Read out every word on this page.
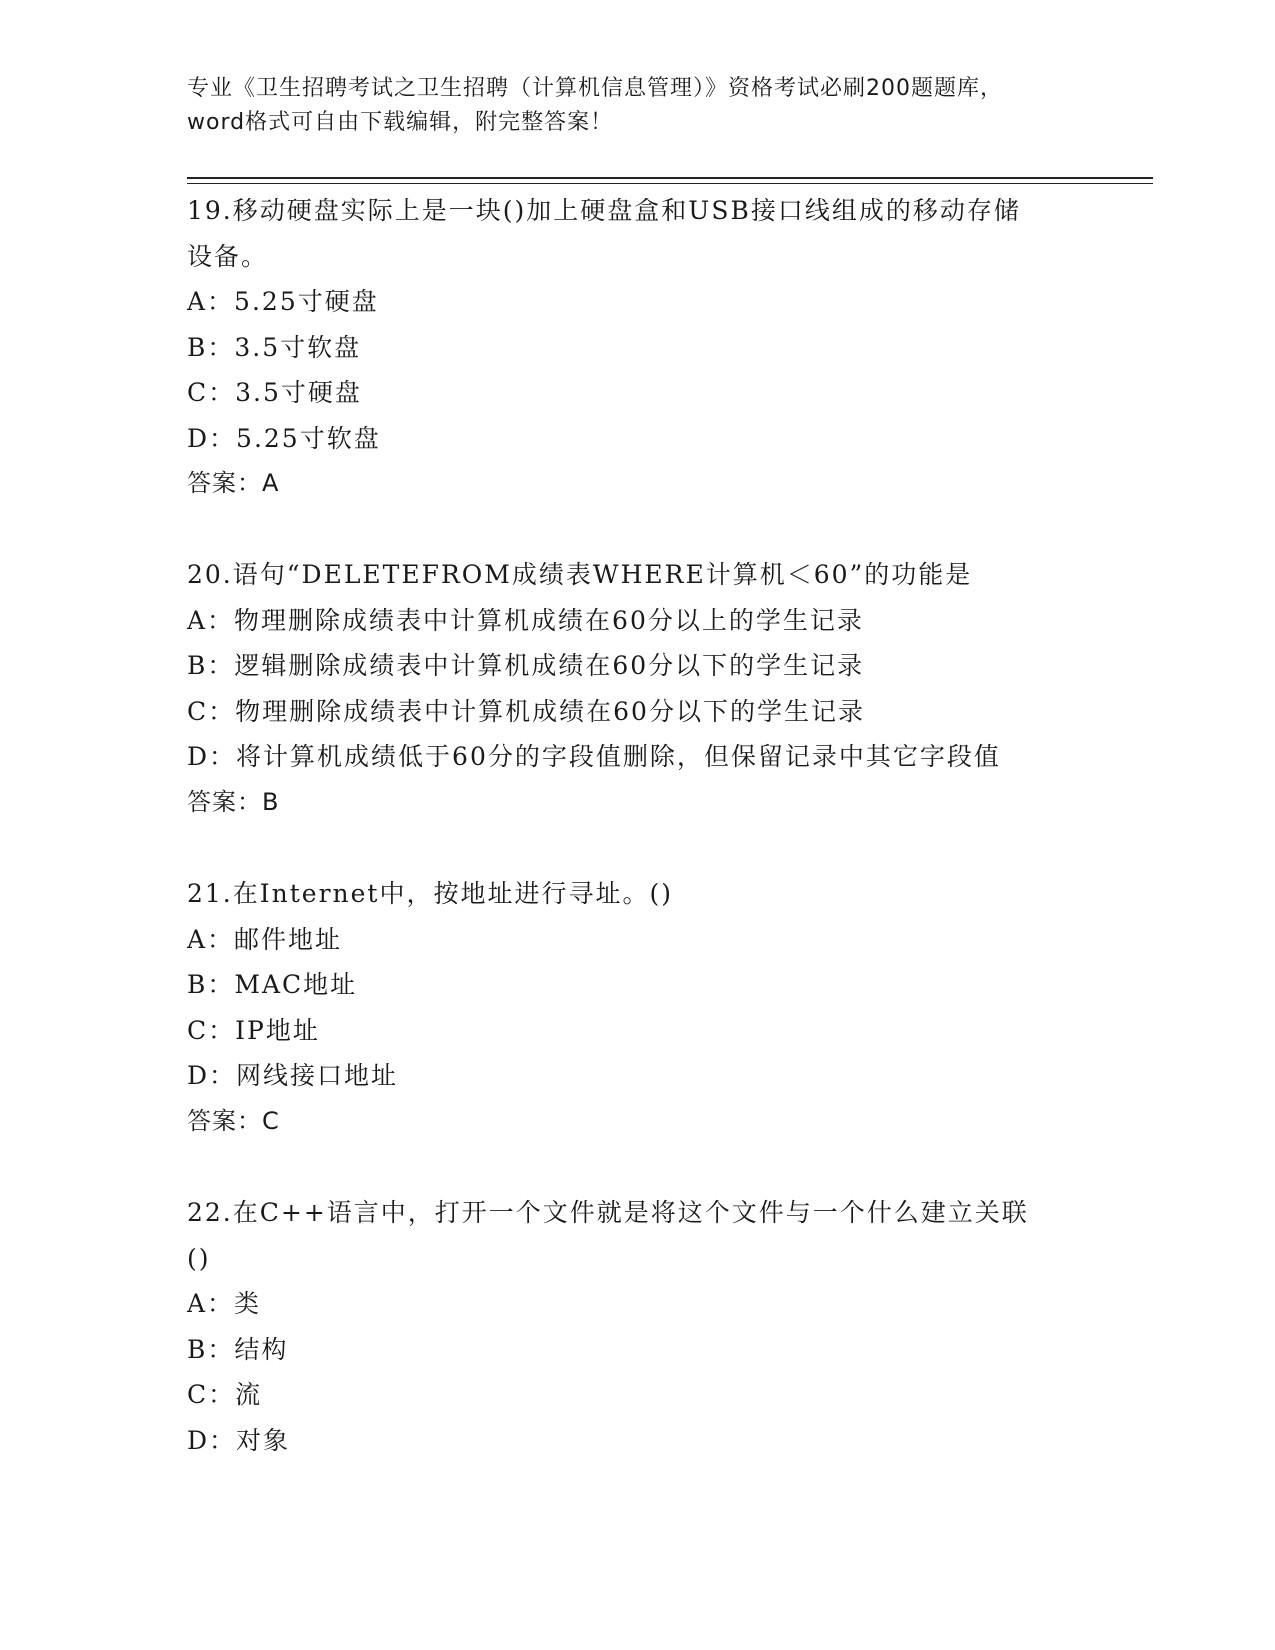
专业《卫生招聘考试之卫生招聘（计算机信息管理）》资格考试必刷200题题库，
word格式可自由下载编辑，附完整答案！
19.移动硬盘实际上是一块()加上硬盘盒和USB接口线组成的移动存储
设备。
A：5.25寸硬盘
B：3.5寸软盘
C：3.5寸硬盘
D：5.25寸软盘
答案：A
20.语句“DELETEFROM成绩表WHERE计算机＜60”的功能是
A：物理删除成绩表中计算机成绩在60分以上的学生记录
B：逻辑删除成绩表中计算机成绩在60分以下的学生记录
C：物理删除成绩表中计算机成绩在60分以下的学生记录
D：将计算机成绩低于60分的字段值删除，但保留记录中其它字段值
答案：B
21.在Internet中，按地址进行寻址。()
A：邮件地址
B：MAC地址
C：IP地址
D：网线接口地址
答案：C
22.在C++语言中，打开一个文件就是将这个文件与一个什么建立关联
()
A：类
B：结构
C：流
D：对象
